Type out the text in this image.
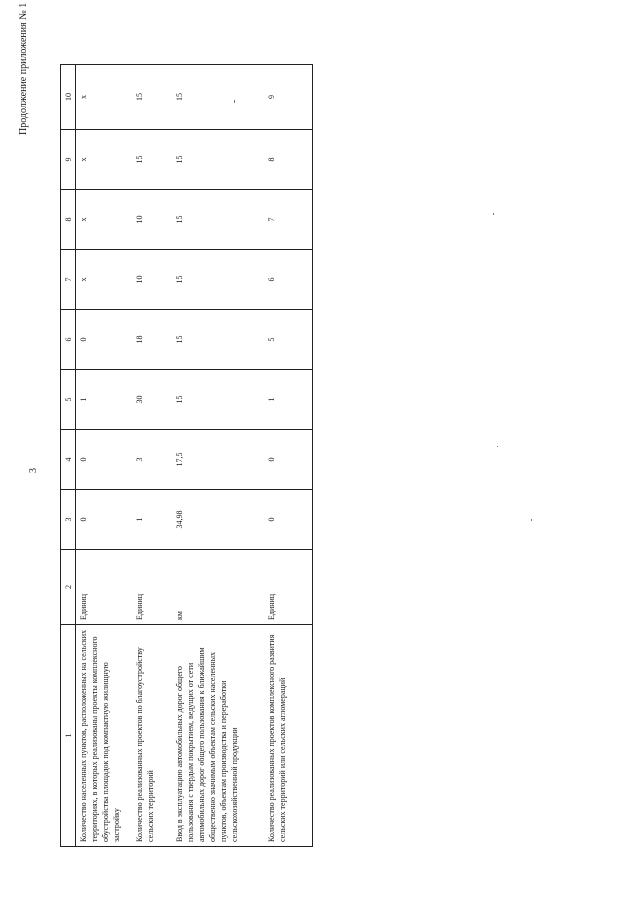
3
Продолжение приложения № 1
1	2	3	4	5	6	7	8	9	10
Количество населенных пунктов, расположенных на сельских территориях, в которых реализованы проекты комплексного обустройства площадок под компактную жилищную застройку	Единиц	0	0	1	0	x	x	x	x
Количество реализованных проектов по благоустройству сельских территорий	Единиц	1	3	30	18	10	10	15	15
Ввод в эксплуатацию автомобильных дорог общего пользования с твердым покрытием, ведущих от сети автомобильных дорог общего пользования к ближайшим общественно значимым объектам сельских населенных пунктов, объектам производства и переработки сельскохозяйственной продукции	км	34,98	17,5	15	15	15	15	15	15
Количество реализованных проектов комплексного развития сельских территорий или сельских агломераций	Единиц	0	0	1	5	6	7	8	9
